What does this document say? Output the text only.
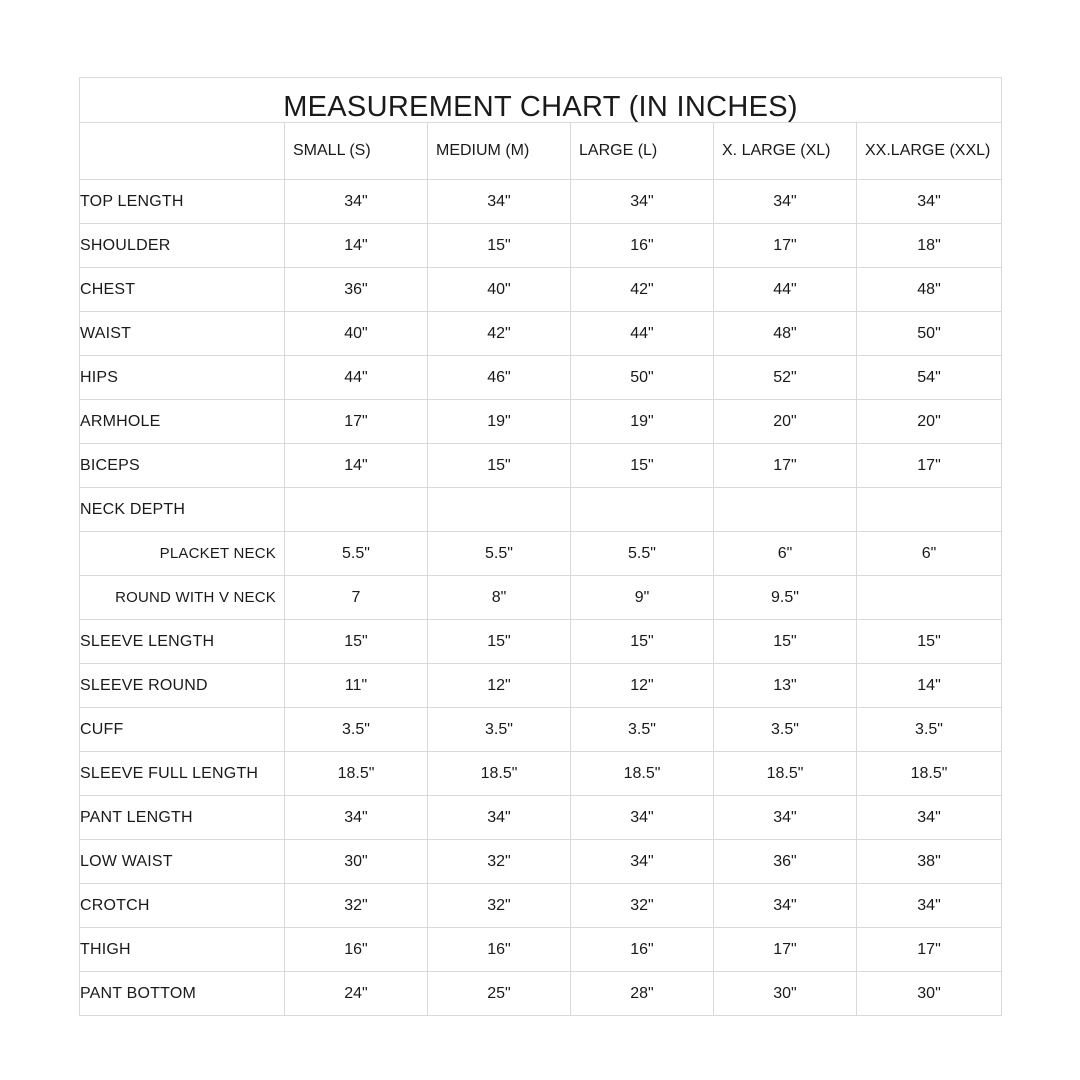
MEASUREMENT CHART (IN INCHES)					
	SMALL (S)	MEDIUM (M)	LARGE (L)	X. LARGE (XL)	XX.LARGE (XXL)
TOP LENGTH	34"	34"	34"	34"	34"
SHOULDER	14"	15"	16"	17"	18"
CHEST	36"	40"	42"	44"	48"
WAIST	40"	42"	44"	48"	50"
HIPS	44"	46"	50"	52"	54"
ARMHOLE	17"	19"	19"	20"	20"
BICEPS	14"	15"	15"	17"	17"
NECK DEPTH					
PLACKET NECK	5.5"	5.5"	5.5"	6"	6"
ROUND WITH V NECK	7	8"	9"	9.5"	
SLEEVE LENGTH	15"	15"	15"	15"	15"
SLEEVE ROUND	11"	12"	12"	13"	14"
CUFF	3.5"	3.5"	3.5"	3.5"	3.5"
SLEEVE FULL LENGTH	18.5"	18.5"	18.5"	18.5"	18.5"
PANT LENGTH	34"	34"	34"	34"	34"
LOW WAIST	30"	32"	34"	36"	38"
CROTCH	32"	32"	32"	34"	34"
THIGH	16"	16"	16"	17"	17"
PANT BOTTOM	24"	25"	28"	30"	30"
